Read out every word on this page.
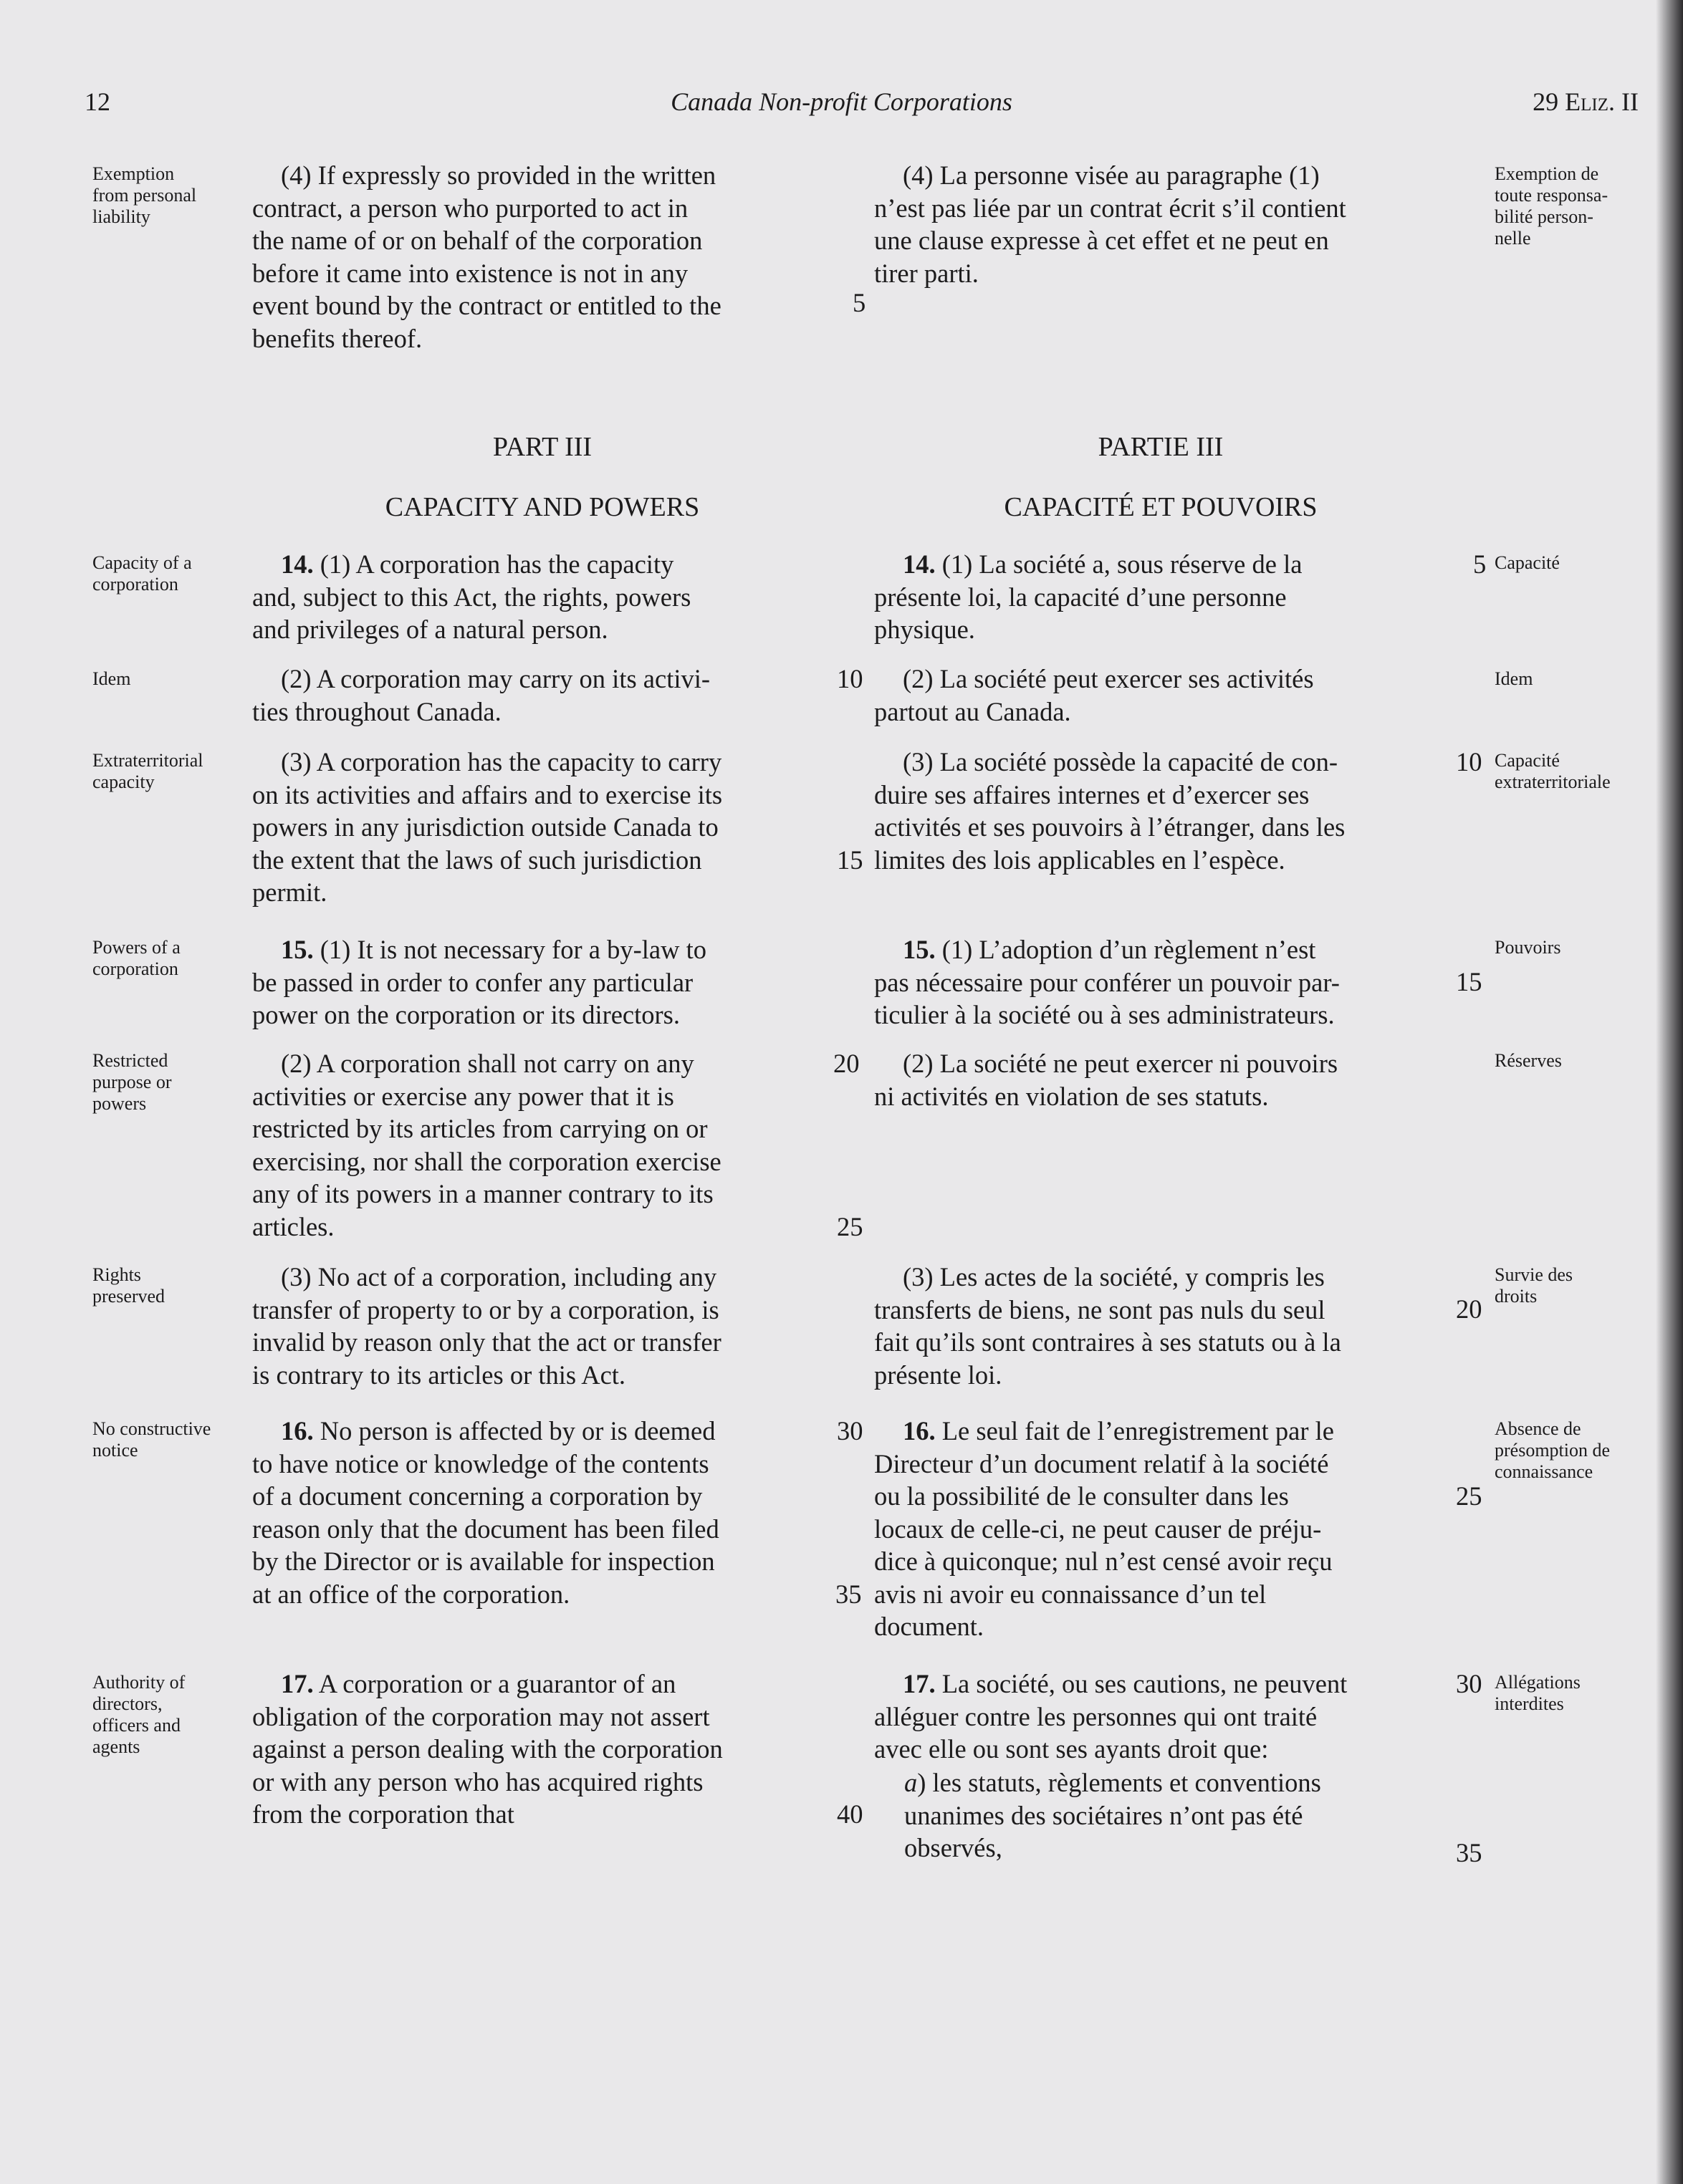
12	Canada Non-profit Corporations	29 Eliz. II
Exemption
from personal
liability
Capacity of a
corporation
Idem
Extraterritorial
capacity
Powers of a
corporation
Restricted
purpose or
powers
Rights
preserved
No constructive
notice
Authority of
directors,
officers and
agents
(4) If expressly so provided in the written
contract, a person who purported to act in
the name of or on behalf of the corporation
before it came into existence is not in any
event bound by the contract or entitled to the
benefits thereof.
PART III
CAPACITY AND POWERS
14. (1) A corporation has the capacity
and, subject to this Act, the rights, powers
and privileges of a natural person.
(2) A corporation may carry on its activi-
ties throughout Canada.
(3) A corporation has the capacity to carry
on its activities and affairs and to exercise its
powers in any jurisdiction outside Canada to
the extent that the laws of such jurisdiction
permit.
15. (1) It is not necessary for a by-law to
be passed in order to confer any particular
power on the corporation or its directors.
(2) A corporation shall not carry on any
activities or exercise any power that it is
restricted by its articles from carrying on or
exercising, nor shall the corporation exercise
any of its powers in a manner contrary to its
articles.
(3) No act of a corporation, including any
transfer of property to or by a corporation, is
invalid by reason only that the act or transfer
is contrary to its articles or this Act.
16. No person is affected by or is deemed
to have notice or knowledge of the contents
of a document concerning a corporation by
reason only that the document has been filed
by the Director or is available for inspection
at an office of the corporation.
17. A corporation or a guarantor of an
obligation of the corporation may not assert
against a person dealing with the corporation
or with any person who has acquired rights
from the corporation that
5
10
15
20
25
30
35
40
(4) La personne visée au paragraphe (1)
n’est pas liée par un contrat écrit s’il contient
une clause expresse à cet effet et ne peut en
tirer parti.
PARTIE III
CAPACITÉ ET POUVOIRS
14. (1) La société a, sous réserve de la
présente loi, la capacité d’une personne
physique.
(2) La société peut exercer ses activités
partout au Canada.
(3) La société possède la capacité de con-
duire ses affaires internes et d’exercer ses
activités et ses pouvoirs à l’étranger, dans les
limites des lois applicables en l’espèce.
15. (1) L’adoption d’un règlement n’est
pas nécessaire pour conférer un pouvoir par-
ticulier à la société ou à ses administrateurs.
(2) La société ne peut exercer ni pouvoirs
ni activités en violation de ses statuts.
(3) Les actes de la société, y compris les
transferts de biens, ne sont pas nuls du seul
fait qu’ils sont contraires à ses statuts ou à la
présente loi.
16. Le seul fait de l’enregistrement par le
Directeur d’un document relatif à la société
ou la possibilité de le consulter dans les
locaux de celle-ci, ne peut causer de préju-
dice à quiconque; nul n’est censé avoir reçu
avis ni avoir eu connaissance d’un tel
document.
17. La société, ou ses cautions, ne peuvent
alléguer contre les personnes qui ont traité
avec elle ou sont ses ayants droit que:
a) les statuts, règlements et conventions
unanimes des sociétaires n’ont pas été
observés,
5
10
15
20
25
30
35
Exemption de
toute responsa-
bilité person-
nelle
Capacité
Idem
Capacité
extraterritoriale
Pouvoirs
Réserves
Survie des
droits
Absence de
présomption de
connaissance
Allégations
interdites
